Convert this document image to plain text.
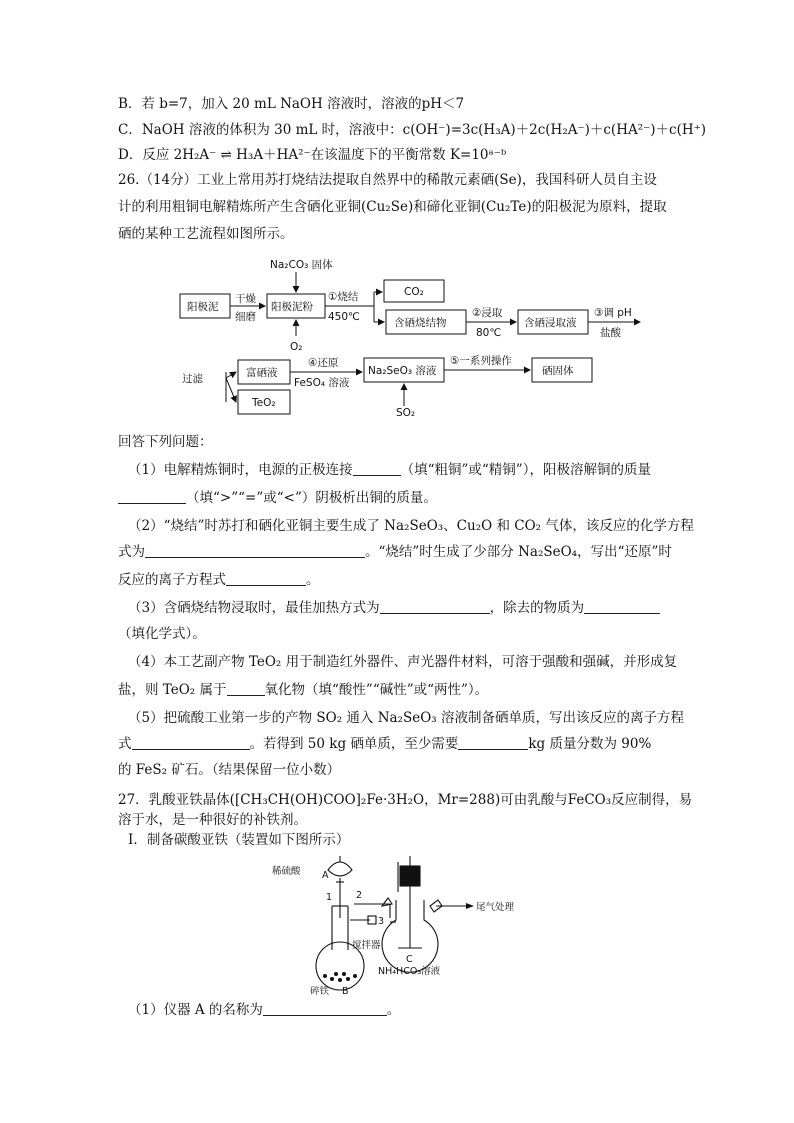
B．若 b=7，加入 20 mL NaOH 溶液时，溶液的pH＜7
C．NaOH 溶液的体积为 30 mL 时，溶液中：c(OH⁻)=3c(H₃A)＋2c(H₂A⁻)＋c(HA²⁻)＋c(H⁺)
D．反应 2H₂A⁻ ⇌ H₃A＋HA²⁻在该温度下的平衡常数 K=10ᵃ⁻ᵇ
26.（14分）工业上常用苏打烧结法提取自然界中的稀散元素硒(Se)，我国科研人员自主设
计的利用粗铜电解精炼所产生含硒化亚铜(Cu₂Se)和碲化亚铜(Cu₂Te)的阳极泥为原料，提取
硒的某种工艺流程如图所示。
Na₂CO₃ 固体
阳极泥
干燥
细磨
阳极泥粉
①烧结
450℃
O₂
CO₂
含硒烧结物
②浸取
80℃
含硒浸取液
③调 pH
盐酸
过滤	富硒液
④还原
FeSO₄ 溶液
Na₂SeO₃ 溶液
⑤一系列操作
硒固体
TeO₂
SO₂
回答下列问题：
（1）电解精炼铜时，电源的正极连接	（填“粗铜”或“精铜”），阳极溶解铜的质量
（填“>”“=”或“<”）阴极析出铜的质量。
（2）“烧结”时苏打和硒化亚铜主要生成了 Na₂SeO₃、Cu₂O 和 CO₂ 气体，该反应的化学方程
式为	。“烧结”时生成了少部分 Na₂SeO₄，写出“还原”时
反应的离子方程式	。
（3）含硒烧结物浸取时，最佳加热方式为	，除去的物质为
（填化学式）。
（4）本工艺副产物 TeO₂ 用于制造红外器件、声光器件材料，可溶于强酸和强碱，并形成复
盐，则 TeO₂ 属于	氧化物（填“酸性”“碱性”或“两性”）。
（5）把硫酸工业第一步的产物 SO₂ 通入 Na₂SeO₃ 溶液制备硒单质，写出该反应的离子方程
式	。若得到 50 kg 硒单质，至少需要	kg 质量分数为 90%
的 FeS₂ 矿石。（结果保留一位小数）
27．乳酸亚铁晶体([CH₃CH(OH)COO]₂Fe·3H₂O，Mr=288)可由乳酸与FeCO₃反应制得，易
溶于水，是一种很好的补铁剂。
Ⅰ．制备碳酸亚铁（装置如下图所示）
稀硫酸 A
1	2
3
尾气处理
搅拌器
C
碎铁 B
NH₄HCO₃溶液
（1）仪器 A 的名称为	。
